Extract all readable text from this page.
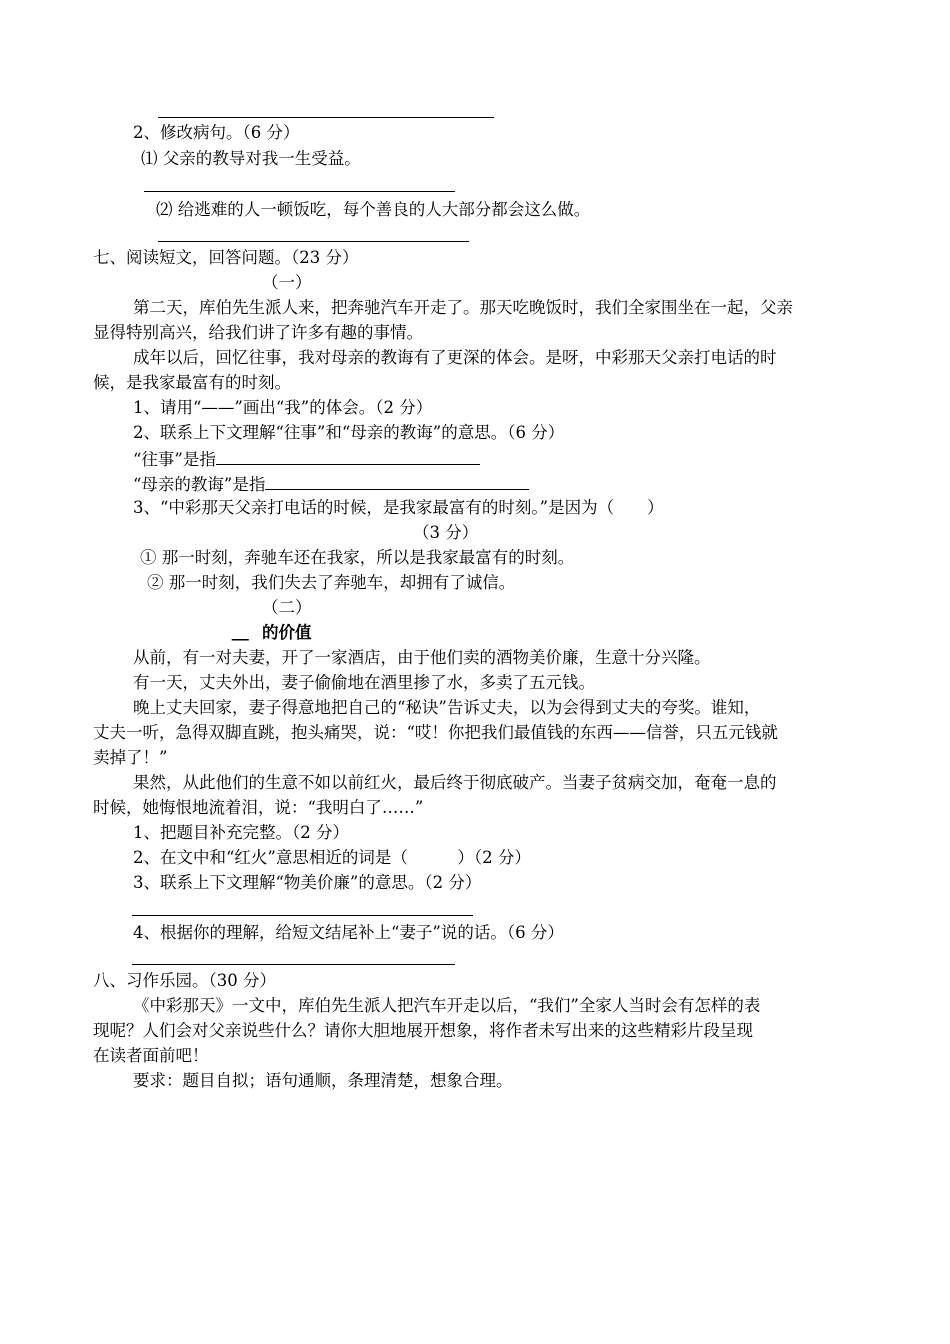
2、修改病句。（6 分）
⑴ 父亲的教导对我一生受益。
⑵ 给逃难的人一顿饭吃，每个善良的人大部分都会这么做。
七、阅读短文，回答问题。（23 分）
（一）
第二天，库伯先生派人来，把奔驰汽车开走了。那天吃晚饭时，我们全家围坐在一起，父亲
显得特别高兴，给我们讲了许多有趣的事情。
成年以后，回忆往事，我对母亲的教诲有了更深的体会。是呀，中彩那天父亲打电话的时
候，是我家最富有的时刻。
1、请用“——”画出“我”的体会。（2 分）
2、联系上下文理解“往事”和“母亲的教诲”的意思。（6 分）
“往事”是指
“母亲的教诲”是指
3、“中彩那天父亲打电话的时候，是我家最富有的时刻。”是因为（　　）
（3 分）
① 那一时刻，奔驰车还在我家，所以是我家最富有的时刻。
② 那一时刻，我们失去了奔驰车，却拥有了诚信。
（二）
＿ 的价值
从前，有一对夫妻，开了一家酒店，由于他们卖的酒物美价廉，生意十分兴隆。
有一天，丈夫外出，妻子偷偷地在酒里掺了水，多卖了五元钱。
晚上丈夫回家，妻子得意地把自己的“秘诀”告诉丈夫，以为会得到丈夫的夸奖。谁知，
丈夫一听，急得双脚直跳，抱头痛哭，说：“哎！你把我们最值钱的东西——信誉，只五元钱就
卖掉了！”
果然，从此他们的生意不如以前红火，最后终于彻底破产。当妻子贫病交加，奄奄一息的
时候，她悔恨地流着泪，说：“我明白了……”
1、把题目补充完整。（2 分）
2、在文中和“红火”意思相近的词是（　　　）（2 分）
3、联系上下文理解“物美价廉”的意思。（2 分）
4、根据你的理解，给短文结尾补上“妻子”说的话。（6 分）
八、习作乐园。（30 分）
《中彩那天》一文中，库伯先生派人把汽车开走以后，“我们”全家人当时会有怎样的表
现呢？人们会对父亲说些什么？请你大胆地展开想象，将作者未写出来的这些精彩片段呈现
在读者面前吧！
要求：题目自拟；语句通顺，条理清楚，想象合理。
